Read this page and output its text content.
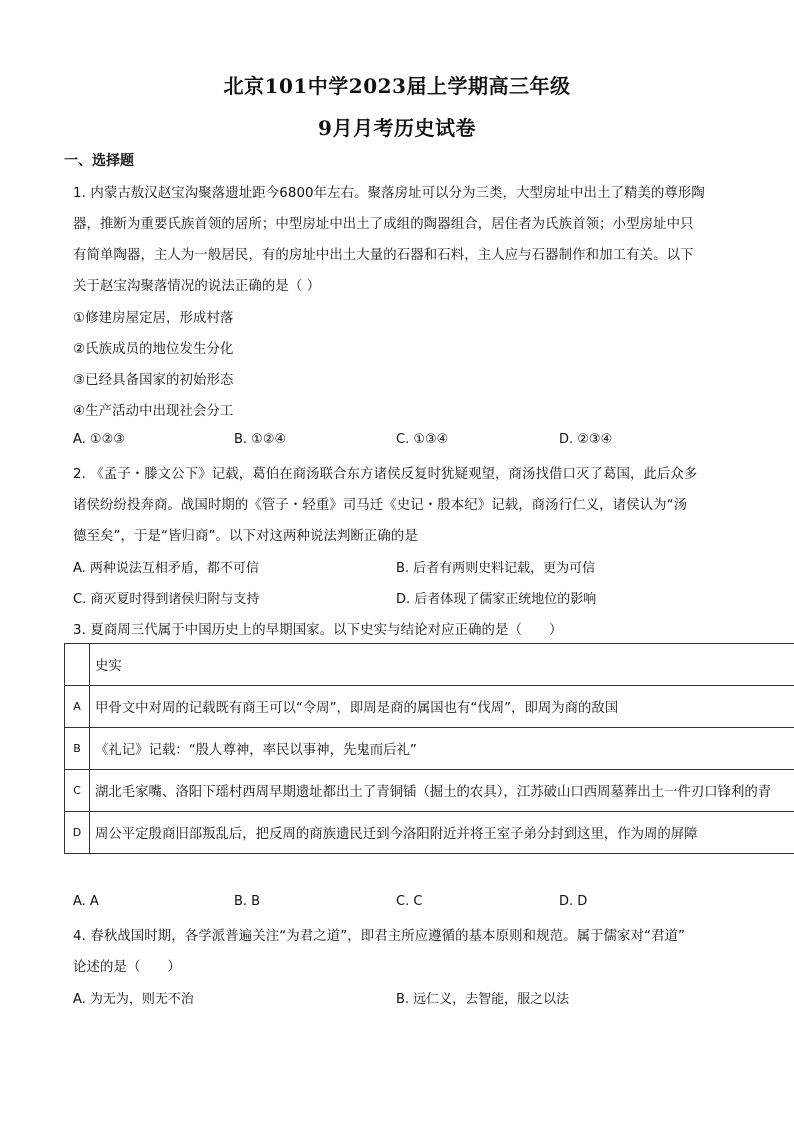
北京101中学2023届上学期高三年级
9月月考历史试卷
一、选择题
1. 内蒙古敖汉赵宝沟聚落遗址距今6800年左右。聚落房址可以分为三类，大型房址中出土了精美的尊形陶
器，推断为重要氏族首领的居所；中型房址中出土了成组的陶器组合，居住者为氏族首领；小型房址中只
有简单陶器，主人为一般居民，有的房址中出土大量的石器和石料，主人应与石器制作和加工有关。以下
关于赵宝沟聚落情况的说法正确的是（ ）
①修建房屋定居，形成村落
②氏族成员的地位发生分化
③已经具备国家的初始形态
④生产活动中出现社会分工
A. ①②③	B. ①②④	C. ①③④	D. ②③④
2. 《孟子・滕文公下》记载，葛伯在商汤联合东方诸侯反复时犹疑观望，商汤找借口灭了葛国，此后众多
诸侯纷纷投奔商。战国时期的《管子・轻重》司马迁《史记・殷本纪》记载，商汤行仁义，诸侯认为“汤
德至矣”，于是“皆归商”。以下对这两种说法判断正确的是
A. 两种说法互相矛盾，都不可信	B. 后者有两则史料记载，更为可信
C. 商灭夏时得到诸侯归附与支持	D. 后者体现了儒家正统地位的影响
3. 夏商周三代属于中国历史上的早期国家。以下史实与结论对应正确的是（　　）
	史实
A	甲骨文中对周的记载既有商王可以“令周”，即周是商的属国也有“伐周”，即周为商的敌国
B	《礼记》记载：“殷人尊神，率民以事神，先鬼而后礼”
C	湖北毛家嘴、洛阳下瑶村西周早期遗址都出土了青铜锸（掘土的农具），江苏破山口西周墓葬出土一件刃口锋利的青
D	周公平定殷商旧部叛乱后，把反周的商族遗民迁到今洛阳附近并将王室子弟分封到这里，作为周的屏障
A. A	B. B	C. C	D. D
4. 春秋战国时期，各学派普遍关注“为君之道”，即君主所应遵循的基本原则和规范。属于儒家对“君道”
论述的是（　　）
A. 为无为，则无不治	B. 远仁义，去智能，服之以法
